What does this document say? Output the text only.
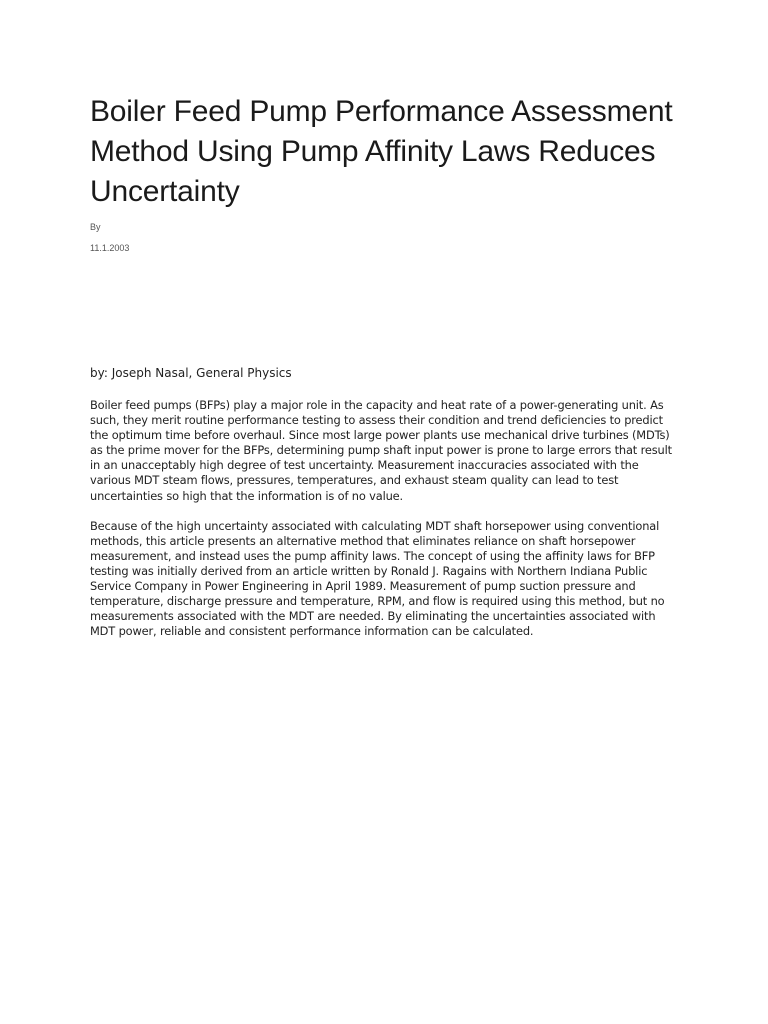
Boiler Feed Pump Performance Assessment Method Using Pump Affinity Laws Reduces Uncertainty
By
11.1.2003
by: Joseph Nasal, General Physics

Boiler feed pumps (BFPs) play a major role in the capacity and heat rate of a power-generating unit. As such, they merit routine performance testing to assess their condition and trend deficiencies to predict the optimum time before overhaul. Since most large power plants use mechanical drive turbines (MDTs) as the prime mover for the BFPs, determining pump shaft input power is prone to large errors that result in an unacceptably high degree of test uncertainty. Measurement inaccuracies associated with the various MDT steam flows, pressures, temperatures, and exhaust steam quality can lead to test uncertainties so high that the information is of no value.

Because of the high uncertainty associated with calculating MDT shaft horsepower using conventional methods, this article presents an alternative method that eliminates reliance on shaft horsepower measurement, and instead uses the pump affinity laws. The concept of using the affinity laws for BFP testing was initially derived from an article written by Ronald J. Ragains with Northern Indiana Public Service Company in Power Engineering in April 1989. Measurement of pump suction pressure and temperature, discharge pressure and temperature, RPM, and flow is required using this method, but no measurements associated with the MDT are needed. By eliminating the uncertainties associated with MDT power, reliable and consistent performance information can be calculated.
